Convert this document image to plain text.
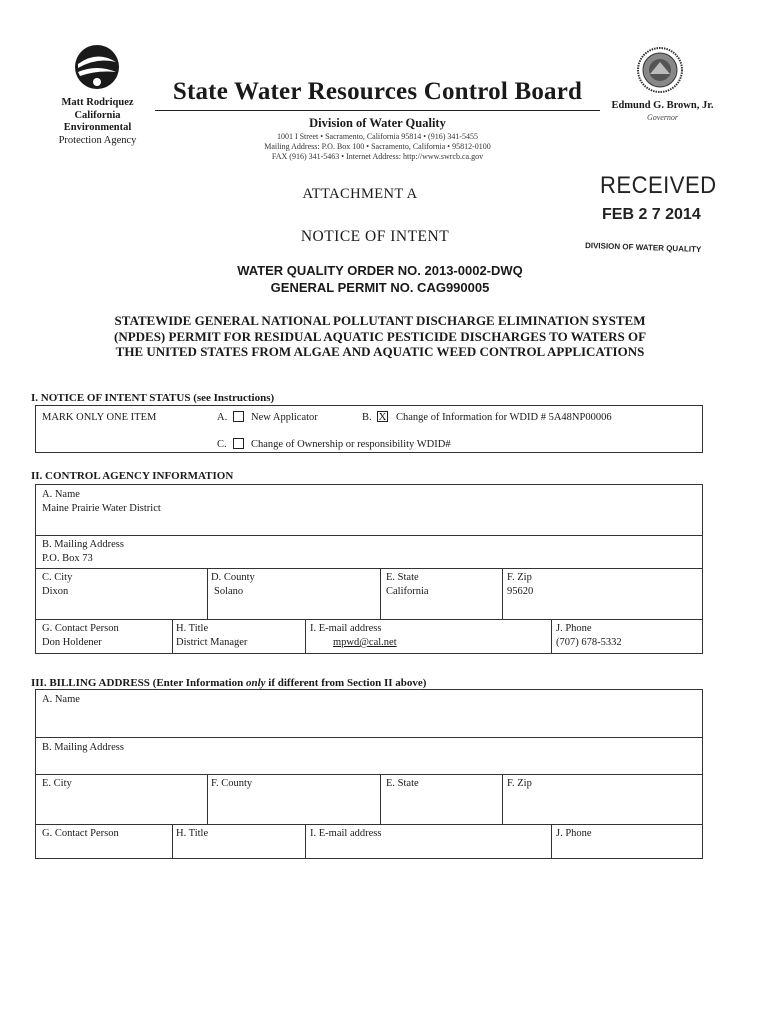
Matt Rodriquez
California
Environmental
Protection Agency
State Water Resources Control Board
Division of Water Quality
1001 I Street • Sacramento, California 95814 • (916) 341-5455
Mailing Address: P.O. Box 100 • Sacramento, California • 95812-0100
FAX (916) 341-5463 • Internet Address: http://www.swrcb.ca.gov
Edmund G. Brown, Jr.
Governor
ATTACHMENT A	RECEIVED
FEB 2 7 2014
DIVISION OF WATER QUALITY
NOTICE OF INTENT
WATER QUALITY ORDER NO. 2013-0002-DWQ
GENERAL PERMIT NO. CAG990005
STATEWIDE GENERAL NATIONAL POLLUTANT DISCHARGE ELIMINATION SYSTEM
(NPDES) PERMIT FOR RESIDUAL AQUATIC PESTICIDE DISCHARGES TO WATERS OF
THE UNITED STATES FROM ALGAE AND AQUATIC WEED CONTROL APPLICATIONS
I. NOTICE OF INTENT STATUS (see Instructions)
MARK ONLY ONE ITEM	A. New Applicator	B. X Change of Information for WDID # 5A48NP00006
C. Change of Ownership or responsibility WDID#
II. CONTROL AGENCY INFORMATION
A. Name
Maine Prairie Water District
B. Mailing Address
P.O. Box 73
C. City
Dixon
D. County
Solano
E. State
California
F. Zip
95620
G. Contact Person
Don Holdener
H. Title
District Manager
I. E-mail address
mpwd@cal.net
J. Phone
(707) 678-5332
III. BILLING ADDRESS (Enter Information only if different from Section II above)
A. Name
B. Mailing Address
E. City	F. County	E. State	F. Zip
G. Contact Person	H. Title	I. E-mail address	J. Phone
